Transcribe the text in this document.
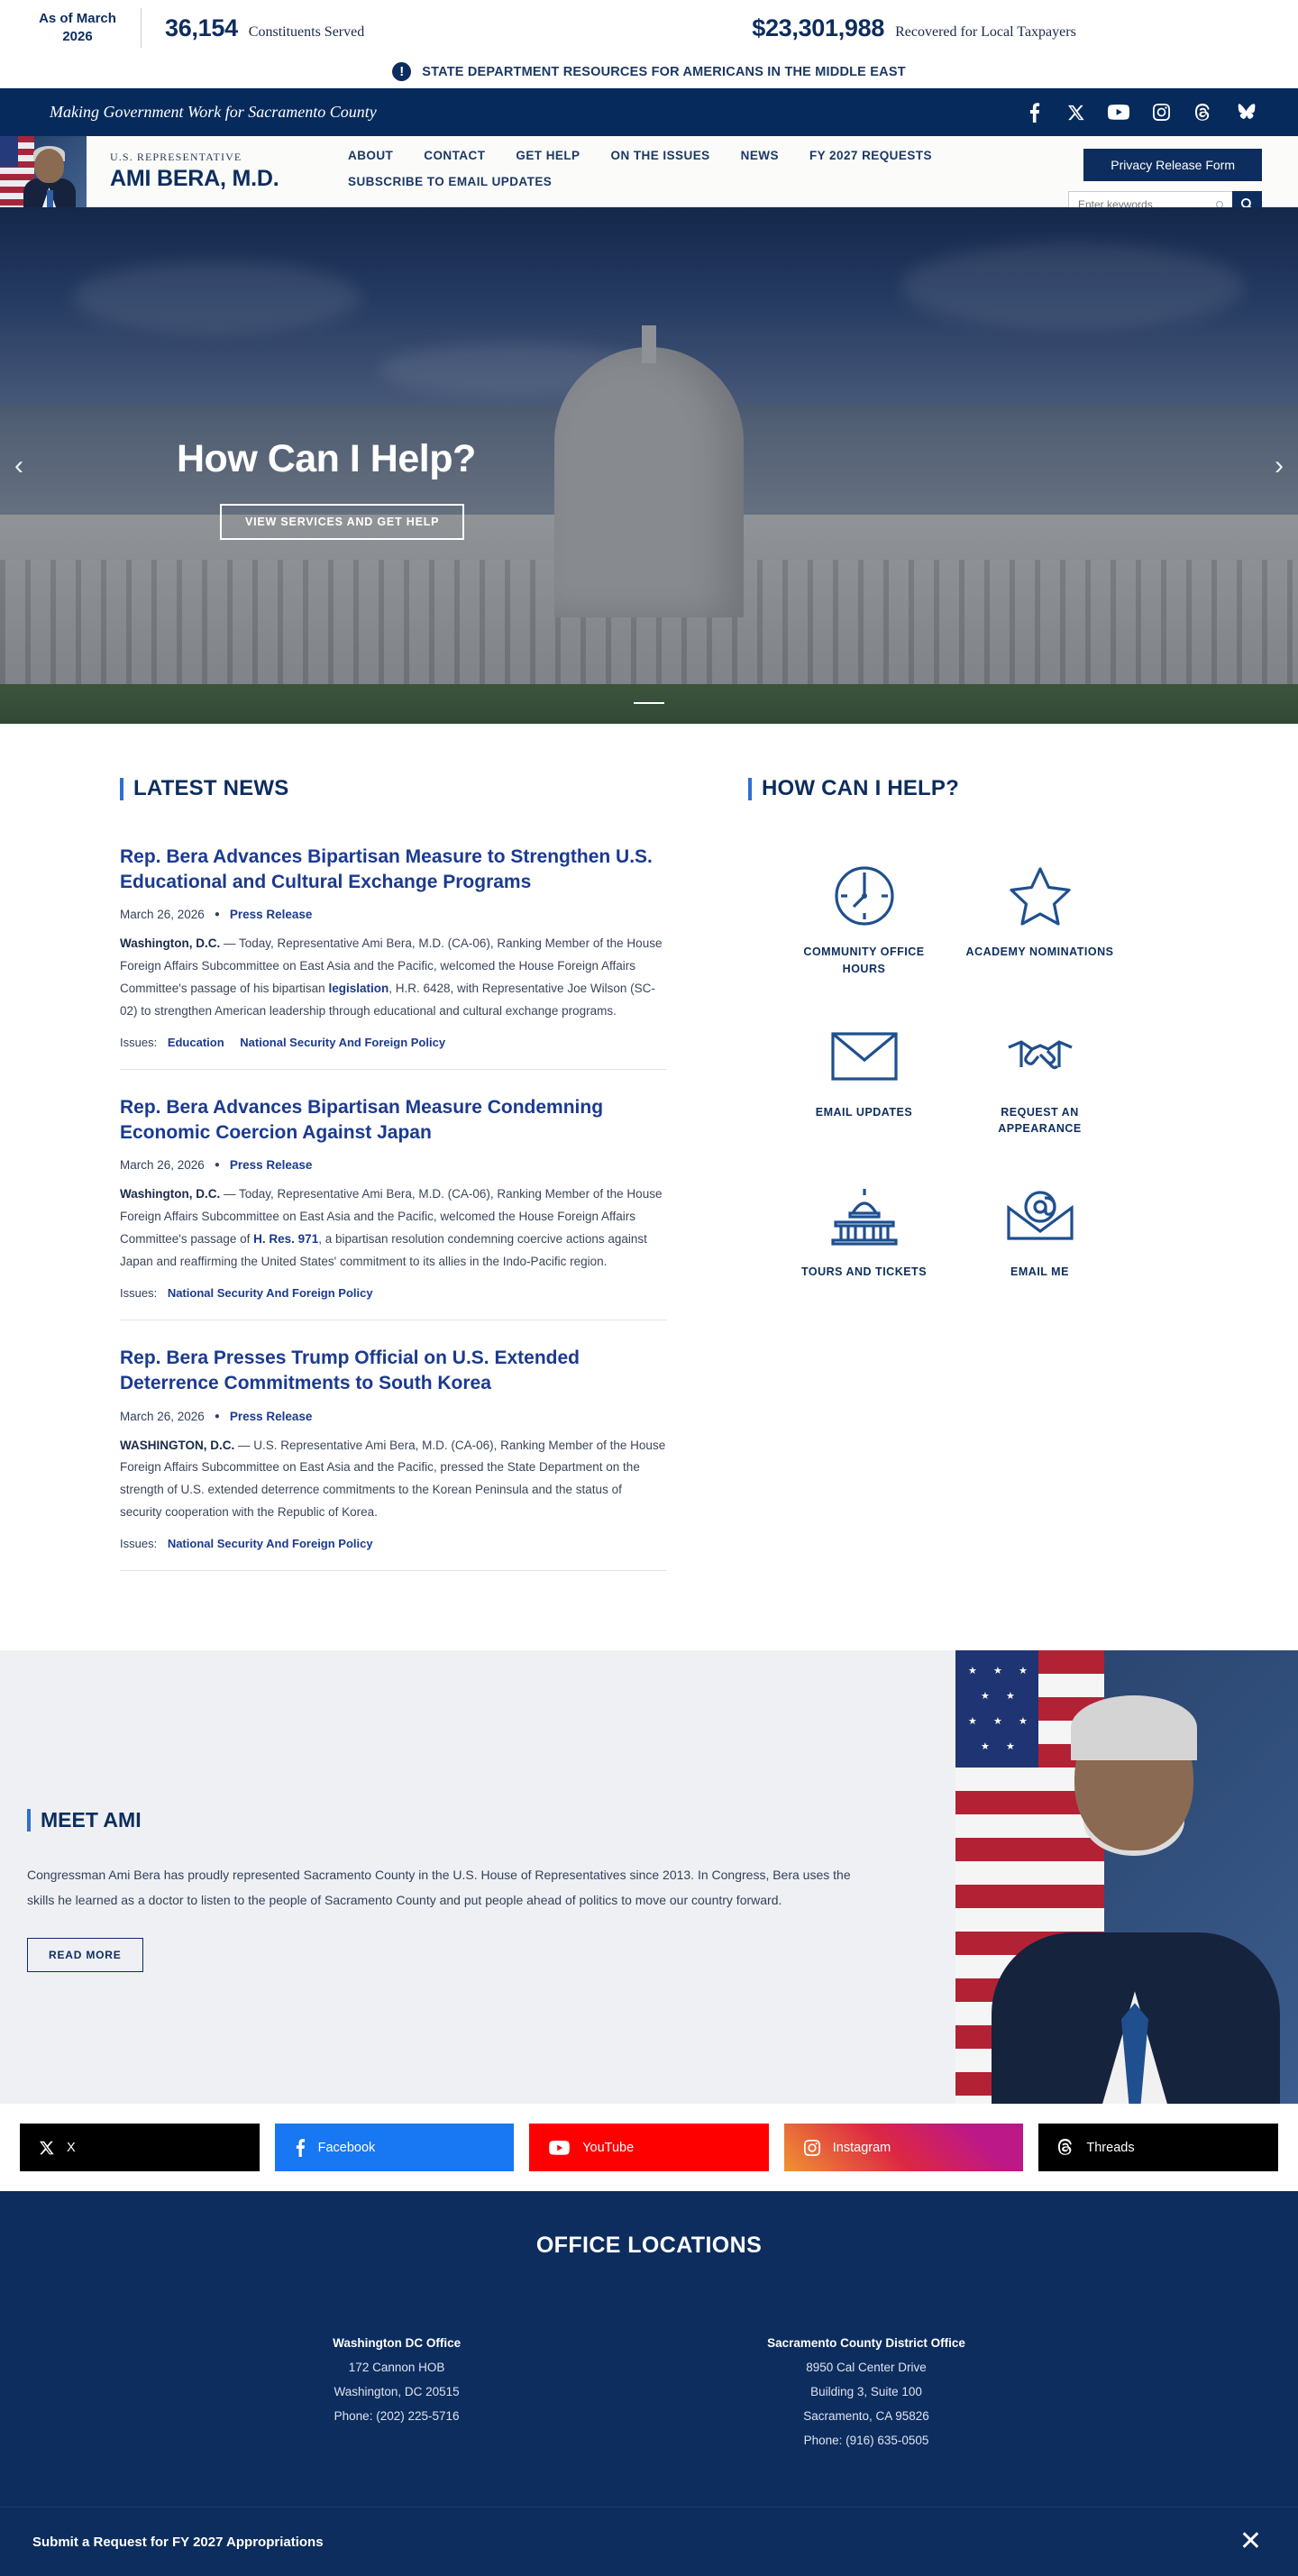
As of March
2026	36,154 Constituents Served	$23,301,988 Recovered for Local Taxpayers
!	STATE DEPARTMENT RESOURCES FOR AMERICANS IN THE MIDDLE EAST
Making Government Work for Sacramento County
U.S. REPRESENTATIVE
AMI BERA, M.D.
ABOUT	CONTACT	GET HELP	ON THE ISSUES	NEWS	FY 2027 REQUESTS
SUBSCRIBE TO EMAIL UPDATES
Privacy Release Form
Enter keywords
How Can I Help?
VIEW SERVICES AND GET HELP
‹	›
LATEST NEWS
Rep. Bera Advances Bipartisan Measure to Strengthen U.S. Educational and Cultural Exchange Programs
March 26, 2026 ● Press Release
Washington, D.C. — Today, Representative Ami Bera, M.D. (CA-06), Ranking Member of the House Foreign Affairs Subcommittee on East Asia and the Pacific, welcomed the House Foreign Affairs Committee's passage of his bipartisan legislation, H.R. 6428, with Representative Joe Wilson (SC-02) to strengthen American leadership through educational and cultural exchange programs.
Issues: Education National Security And Foreign Policy
Rep. Bera Advances Bipartisan Measure Condemning Economic Coercion Against Japan
March 26, 2026 ● Press Release
Washington, D.C. — Today, Representative Ami Bera, M.D. (CA-06), Ranking Member of the House Foreign Affairs Subcommittee on East Asia and the Pacific, welcomed the House Foreign Affairs Committee's passage of H. Res. 971, a bipartisan resolution condemning coercive actions against Japan and reaffirming the United States' commitment to its allies in the Indo-Pacific region.
Issues: National Security And Foreign Policy
Rep. Bera Presses Trump Official on U.S. Extended Deterrence Commitments to South Korea
March 26, 2026 ● Press Release
WASHINGTON, D.C. — U.S. Representative Ami Bera, M.D. (CA-06), Ranking Member of the House Foreign Affairs Subcommittee on East Asia and the Pacific, pressed the State Department on the strength of U.S. extended deterrence commitments to the Korean Peninsula and the status of security cooperation with the Republic of Korea.
Issues: National Security And Foreign Policy
HOW CAN I HELP?
COMMUNITY OFFICE HOURS
ACADEMY NOMINATIONS
EMAIL UPDATES	REQUEST AN APPEARANCE
TOURS AND TICKETS	EMAIL ME
MEET AMI
Congressman Ami Bera has proudly represented Sacramento County in the U.S. House of Representatives since 2013. In Congress, Bera uses the skills he learned as a doctor to listen to the people of Sacramento County and put people ahead of politics to move our country forward.
READ MORE
★ ★ ★
★ ★
★ ★ ★
★ ★
X	Facebook	YouTube	Instagram	Threads
OFFICE LOCATIONS
Washington DC Office
172 Cannon HOB
Washington, DC 20515
Phone: (202) 225-5716
Sacramento County District Office
8950 Cal Center Drive
Building 3, Suite 100
Sacramento, CA 95826
Phone: (916) 635-0505
Submit a Request for FY 2027 Appropriations	✕
